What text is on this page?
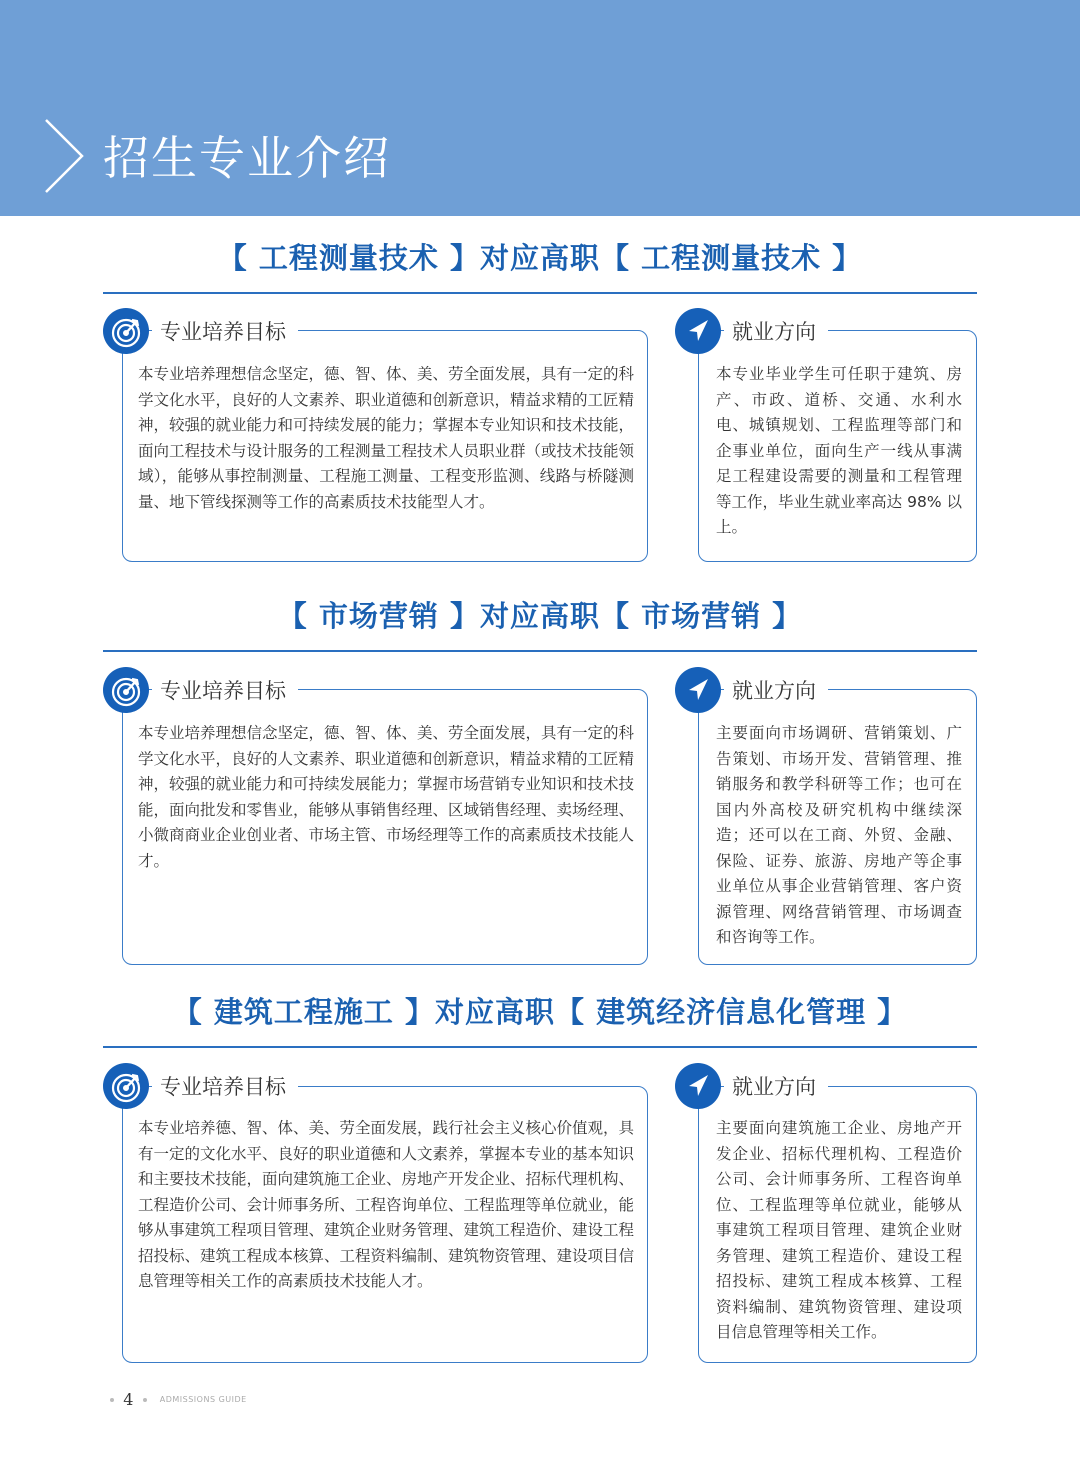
招生专业介绍
【 工程测量技术 】对应高职【 工程测量技术 】
专业培养目标
本专业培养理想信念坚定，德、智、体、美、劳全面发展，具有一定的科学文化水平，良好的人文素养、职业道德和创新意识，精益求精的工匠精神，较强的就业能力和可持续发展的能力；掌握本专业知识和技术技能，面向工程技术与设计服务的工程测量工程技术人员职业群（或技术技能领域），能够从事控制测量、工程施工测量、工程变形监测、线路与桥隧测量、地下管线探测等工作的高素质技术技能型人才。
就业方向
本专业毕业学生可任职于建筑、房产、市政、道桥、交通、水利水电、城镇规划、工程监理等部门和企事业单位，面向生产一线从事满足工程建设需要的测量和工程管理等工作，毕业生就业率高达 98% 以上。
【 市场营销 】对应高职【 市场营销 】
专业培养目标
本专业培养理想信念坚定，德、智、体、美、劳全面发展，具有一定的科学文化水平，良好的人文素养、职业道德和创新意识，精益求精的工匠精神，较强的就业能力和可持续发展能力；掌握市场营销专业知识和技术技能，面向批发和零售业，能够从事销售经理、区域销售经理、卖场经理、小微商商业企业创业者、市场主管、市场经理等工作的高素质技术技能人才。
就业方向
主要面向市场调研、营销策划、广告策划、市场开发、营销管理、推销服务和教学科研等工作；也可在国内外高校及研究机构中继续深造；还可以在工商、外贸、金融、保险、证券、旅游、房地产等企事业单位从事企业营销管理、客户资源管理、网络营销管理、市场调查和咨询等工作。
【 建筑工程施工 】对应高职【 建筑经济信息化管理 】
专业培养目标
本专业培养德、智、体、美、劳全面发展，践行社会主义核心价值观，具有一定的文化水平、良好的职业道德和人文素养，掌握本专业的基本知识和主要技术技能，面向建筑施工企业、房地产开发企业、招标代理机构、工程造价公司、会计师事务所、工程咨询单位、工程监理等单位就业，能够从事建筑工程项目管理、建筑企业财务管理、建筑工程造价、建设工程招投标、建筑工程成本核算、工程资料编制、建筑物资管理、建设项目信息管理等相关工作的高素质技术技能人才。
就业方向
主要面向建筑施工企业、房地产开发企业、招标代理机构、工程造价公司、会计师事务所、工程咨询单位、工程监理等单位就业，能够从事建筑工程项目管理、建筑企业财务管理、建筑工程造价、建设工程招投标、建筑工程成本核算、工程资料编制、建筑物资管理、建设项目信息管理等相关工作。
4	ADMISSIONS GUIDE
